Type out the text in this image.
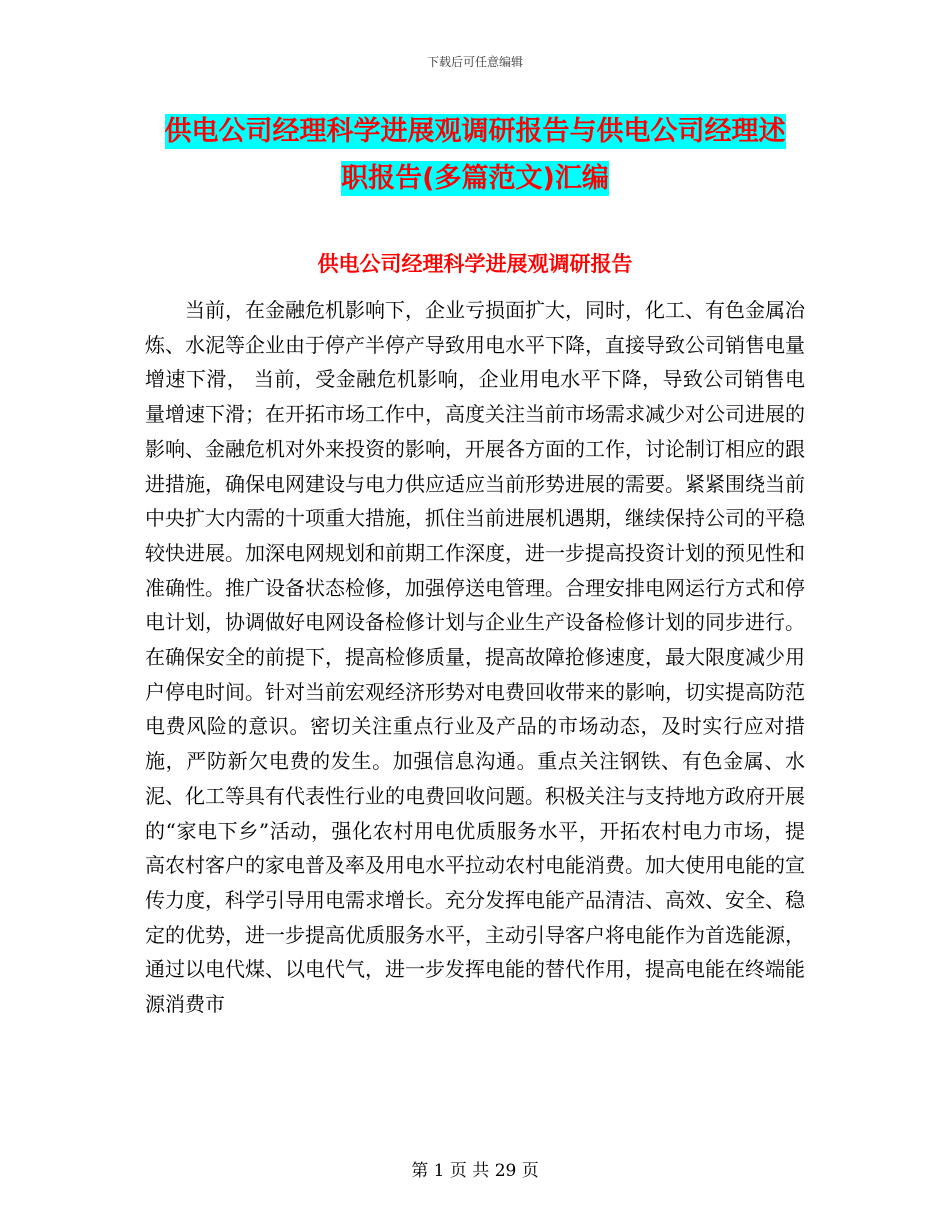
下载后可任意编辑
供电公司经理科学进展观调研报告与供电公司经理述
职报告(多篇范文)汇编
供电公司经理科学进展观调研报告

当前，在金融危机影响下，企业亏损面扩大，同时，化工、有色金属冶炼、水泥等企业由于停产半停产导致用电水平下降，直接导致公司销售电量增速下滑， 当前，受金融危机影响，企业用电水平下降，导致公司销售电量增速下滑；在开拓市场工作中，高度关注当前市场需求减少对公司进展的影响、金融危机对外来投资的影响，开展各方面的工作，讨论制订相应的跟进措施，确保电网建设与电力供应适应当前形势进展的需要。紧紧围绕当前中央扩大内需的十项重大措施，抓住当前进展机遇期，继续保持公司的平稳较快进展。加深电网规划和前期工作深度，进一步提高投资计划的预见性和准确性。推广设备状态检修，加强停送电管理。合理安排电网运行方式和停电计划，协调做好电网设备检修计划与企业生产设备检修计划的同步进行。在确保安全的前提下，提高检修质量，提高故障抢修速度，最大限度减少用户停电时间。针对当前宏观经济形势对电费回收带来的影响，切实提高防范电费风险的意识。密切关注重点行业及产品的市场动态，及时实行应对措施，严防新欠电费的发生。加强信息沟通。重点关注钢铁、有色金属、水泥、化工等具有代表性行业的电费回收问题。积极关注与支持地方政府开展的“家电下乡”活动，强化农村用电优质服务水平，开拓农村电力市场，提高农村客户的家电普及率及用电水平拉动农村电能消费。加大使用电能的宣传力度，科学引导用电需求增长。充分发挥电能产品清洁、高效、安全、稳定的优势，进一步提高优质服务水平，主动引导客户将电能作为首选能源，通过以电代煤、以电代气，进一步发挥电能的替代作用，提高电能在终端能源消费市

第 1 页 共 29 页
